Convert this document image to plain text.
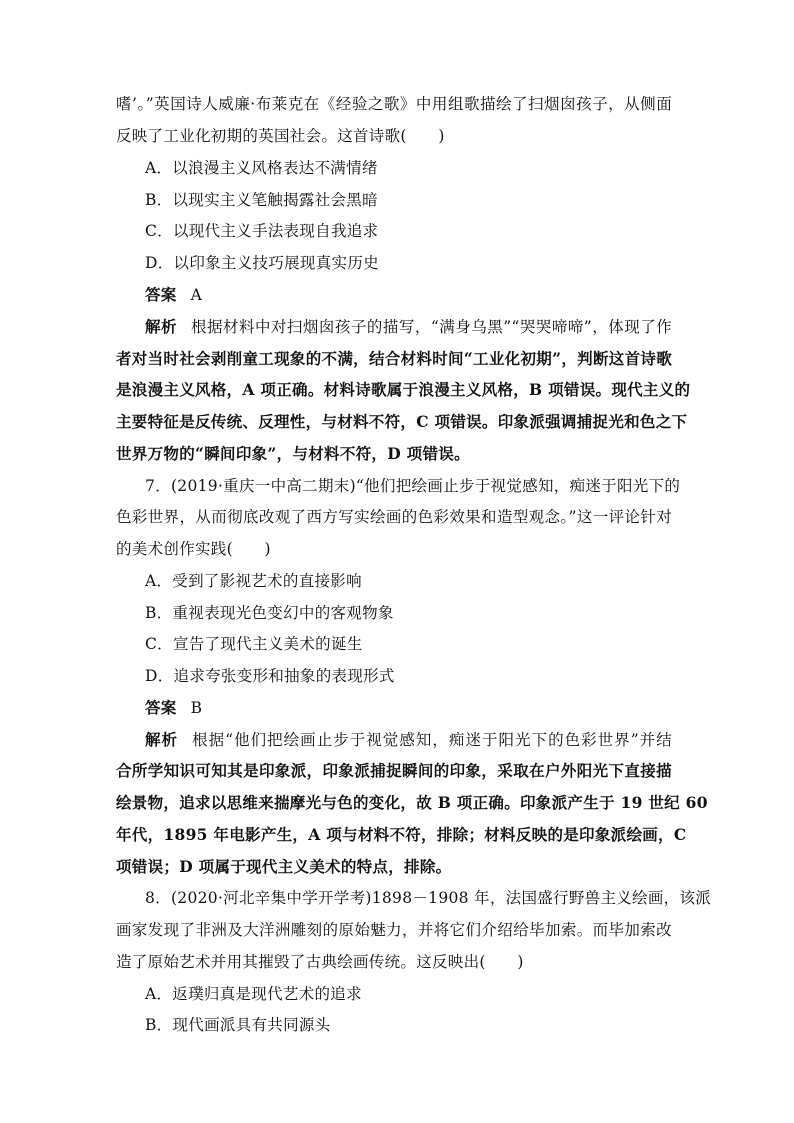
嗜’。”英国诗人威廉·布莱克在《经验之歌》中用组歌描绘了扫烟囱孩子，从侧面
反映了工业化初期的英国社会。这首诗歌(　　)
A．以浪漫主义风格表达不满情绪
B．以现实主义笔触揭露社会黑暗
C．以现代主义手法表现自我追求
D．以印象主义技巧展现真实历史
答案 A
解析 根据材料中对扫烟囱孩子的描写，“满身乌黑”“哭哭啼啼”，体现了作
者对当时社会剥削童工现象的不满，结合材料时间“工业化初期”，判断这首诗歌
是浪漫主义风格，A 项正确。材料诗歌属于浪漫主义风格，B 项错误。现代主义的
主要特征是反传统、反理性，与材料不符，C 项错误。印象派强调捕捉光和色之下
世界万物的“瞬间印象”，与材料不符，D 项错误。
7．(2019·重庆一中高二期末)“他们把绘画止步于视觉感知，痴迷于阳光下的
色彩世界，从而彻底改观了西方写实绘画的色彩效果和造型观念。”这一评论针对
的美术创作实践(　　)
A．受到了影视艺术的直接影响
B．重视表现光色变幻中的客观物象
C．宣告了现代主义美术的诞生
D．追求夸张变形和抽象的表现形式
答案 B
解析 根据“他们把绘画止步于视觉感知，痴迷于阳光下的色彩世界”并结
合所学知识可知其是印象派，印象派捕捉瞬间的印象，采取在户外阳光下直接描
绘景物，追求以思维来揣摩光与色的变化，故 B 项正确。印象派产生于 19 世纪 60
年代，1895 年电影产生，A 项与材料不符，排除；材料反映的是印象派绘画，C
项错误；D 项属于现代主义美术的特点，排除。
8．(2020·河北辛集中学开学考)1898－1908 年，法国盛行野兽主义绘画，该派
画家发现了非洲及大洋洲雕刻的原始魅力，并将它们介绍给毕加索。而毕加索改
造了原始艺术并用其摧毁了古典绘画传统。这反映出(　　)
A．返璞归真是现代艺术的追求
B．现代画派具有共同源头
